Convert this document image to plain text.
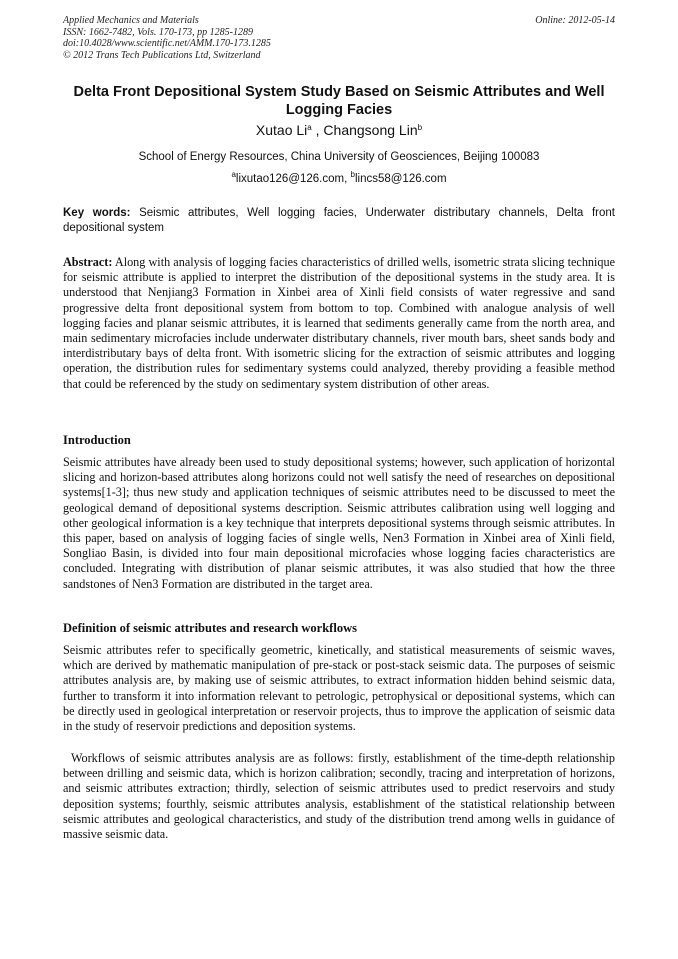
Applied Mechanics and Materials
ISSN: 1662-7482, Vols. 170-173, pp 1285-1289
doi:10.4028/www.scientific.net/AMM.170-173.1285
© 2012 Trans Tech Publications Ltd, Switzerland
Online: 2012-05-14
Delta Front Depositional System Study Based on Seismic Attributes and Well Logging Facies
Xutao Li$^a$ , Changsong Lin$^b$
School of Energy Resources, China University of Geosciences, Beijing 100083
$^a$lixutao126@126.com, $^b$lincs58@126.com
Key words: Seismic attributes, Well logging facies, Underwater distributary channels, Delta front depositional system
Abstract: Along with analysis of logging facies characteristics of drilled wells, isometric strata slicing technique for seismic attribute is applied to interpret the distribution of the depositional systems in the study area. It is understood that Nenjiang3 Formation in Xinbei area of Xinli field consists of water regressive and sand progressive delta front depositional system from bottom to top. Combined with analogue analysis of well logging facies and planar seismic attributes, it is learned that sediments generally came from the north area, and main sedimentary microfacies include underwater distributary channels, river mouth bars, sheet sands body and interdistributary bays of delta front. With isometric slicing for the extraction of seismic attributes and logging operation, the distribution rules for sedimentary systems could analyzed, thereby providing a feasible method that could be referenced by the study on sedimentary system distribution of other areas.
Introduction
Seismic attributes have already been used to study depositional systems; however, such application of horizontal slicing and horizon-based attributes along horizons could not well satisfy the need of researches on depositional systems[1-3]; thus new study and application techniques of seismic attributes need to be discussed to meet the geological demand of depositional systems description. Seismic attributes calibration using well logging and other geological information is a key technique that interprets depositional systems through seismic attributes. In this paper, based on analysis of logging facies of single wells, Nen3 Formation in Xinbei area of Xinli field, Songliao Basin, is divided into four main depositional microfacies whose logging facies characteristics are concluded. Integrating with distribution of planar seismic attributes, it was also studied that how the three sandstones of Nen3 Formation are distributed in the target area.
Definition of seismic attributes and research workflows
Seismic attributes refer to specifically geometric, kinetically, and statistical measurements of seismic waves, which are derived by mathematic manipulation of pre-stack or post-stack seismic data. The purposes of seismic attributes analysis are, by making use of seismic attributes, to extract information hidden behind seismic data, further to transform it into information relevant to petrologic, petrophysical or depositional systems, which can be directly used in geological interpretation or reservoir projects, thus to improve the application of seismic data in the study of reservoir predictions and deposition systems.
Workflows of seismic attributes analysis are as follows: firstly, establishment of the time-depth relationship between drilling and seismic data, which is horizon calibration; secondly, tracing and interpretation of horizons, and seismic attributes extraction; thirdly, selection of seismic attributes used to predict reservoirs and study deposition systems; fourthly, seismic attributes analysis, establishment of the statistical relationship between seismic attributes and geological characteristics, and study of the distribution trend among wells in guidance of massive seismic data.
